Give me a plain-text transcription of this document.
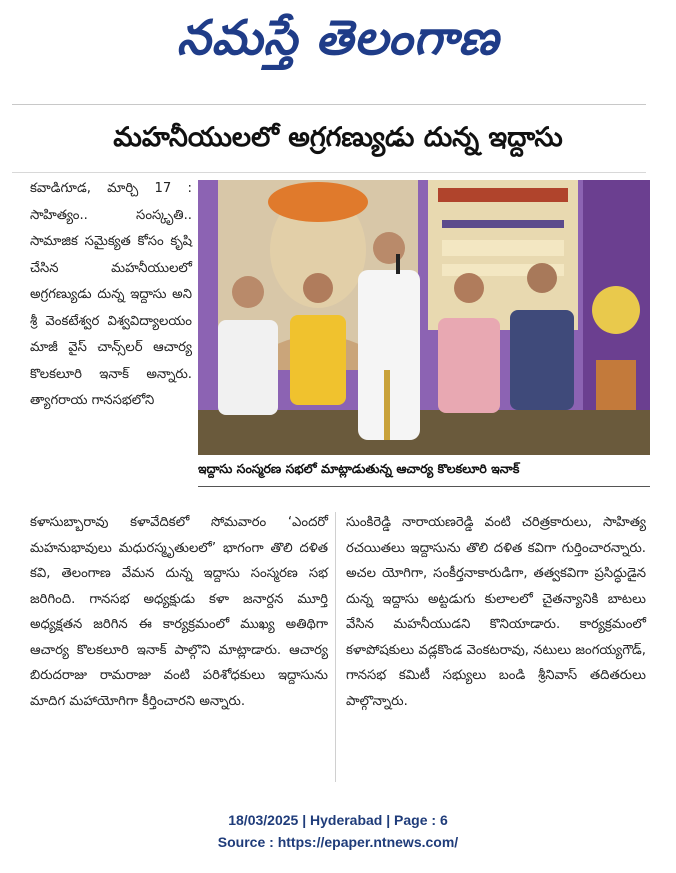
నమస్తే తెలంగాణ
మహనీయులలో అగ్రగణ్యుడు దున్న ఇద్దాసు
కవాడిగూడ, మార్చి 17 : సాహిత్యం.. సంస్కృతి.. సామాజిక సమైక్యత కోసం కృషి చేసిన మహనీయులలో అగ్రగణ్యుడు దున్న ఇద్దాసు అని శ్రీ వెంకటేశ్వర విశ్వవిద్యాలయం మాజీ వైస్ చాన్స్‌లర్ ఆచార్య కొలకలూరి ఇనాక్ అన్నారు. త్యాగరాయ గానసభలోని
ఇద్దాసు సంస్మరణ సభలో మాట్లాడుతున్న ఆచార్య కొలకలూరి ఇనాక్
కళాసుబ్బారావు కళావేదికలో సోమవారం ‘ఎందరో మహనుభావులు మధురస్మృతులలో’ భాగంగా తొలి దళిత కవి, తెలంగాణ వేమన దున్న ఇద్దాసు సంస్మరణ సభ జరిగింది. గానసభ అధ్యక్షుడు కళా జనార్దన మూర్తి అధ్యక్షతన జరిగిన ఈ కార్యక్రమంలో ముఖ్య అతిథిగా ఆచార్య కొలకలూరి ఇనాక్ పాల్గొని మాట్లాడారు. ఆచార్య బిరుదరాజు రామరాజు వంటి పరిశోధకులు ఇద్దాసును మాదిగ మహాయోగిగా కీర్తించారని అన్నారు.
సుంకిరెడ్డి నారాయణరెడ్డి వంటి చరిత్రకారులు, సాహిత్య రచయితలు ఇద్దాసును తొలి దళిత కవిగా గుర్తించారన్నారు. అచల యోగిగా, సంకీర్తనాకారుడిగా, తత్వకవిగా ప్రసిద్ధుడైన దున్న ఇద్దాసు అట్టడుగు కులాలలో చైతన్యానికి బాటలు వేసిన మహనీయుడని కొనియాడారు. కార్యక్రమంలో కళాపోషకులు వడ్లకొండ వెంకటరావు, నటులు జంగయ్యగౌడ్, గానసభ కమిటీ సభ్యులు బండి శ్రీనివాస్ తదితరులు పాల్గొన్నారు.
18/03/2025 | Hyderabad | Page : 6
Source : https://epaper.ntnews.com/
